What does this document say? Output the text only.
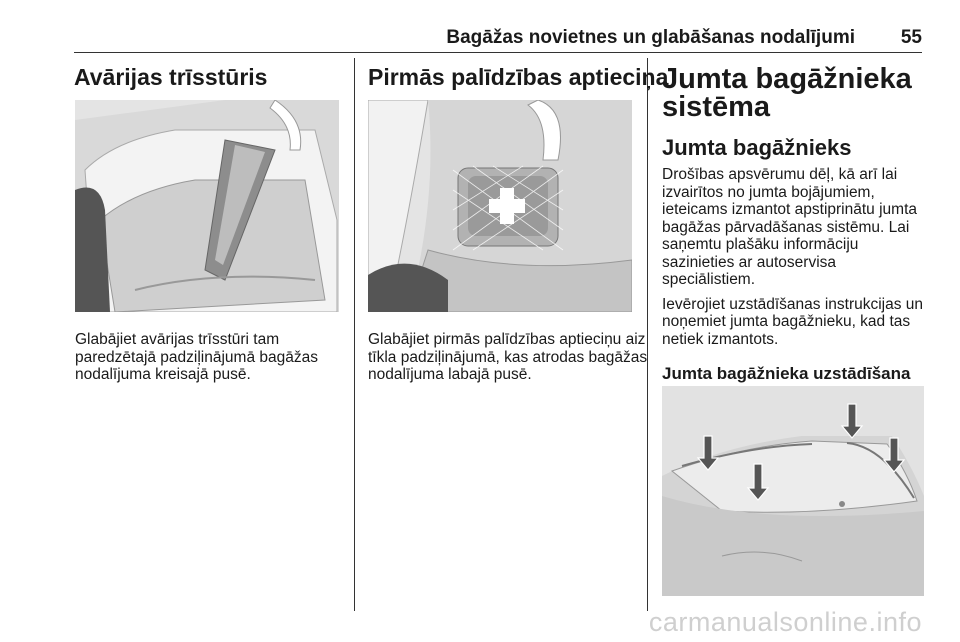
Bagāžas novietnes un glabāšanas nodalījumi 55
Avārijas trīsstūris

Glabājiet avārijas trīsstūri tam paredzētajā padziļinājumā bagāžas nodalījuma kreisajā pusē.

Pirmās palīdzības aptieciņa

Glabājiet pirmās palīdzības aptieciņu aiz tīkla padziļinājumā, kas atrodas bagāžas nodalījuma labajā pusē.

Jumta bagāžnieka sistēma
Jumta bagāžnieks

Drošības apsvērumu dēļ, kā arī lai izvairītos no jumta bojājumiem, ieteicams izmantot apstiprinātu jumta bagāžas pārvadāšanas sistēmu. Lai saņemtu plašāku informāciju sazinieties ar autoservisa speciālistiem.

Ievērojiet uzstādīšanas instrukcijas un noņemiet jumta bagāžnieku, kad tas netiek izmantots.

Jumta bagāžnieka uzstādīšana
carmanualsonline.info
